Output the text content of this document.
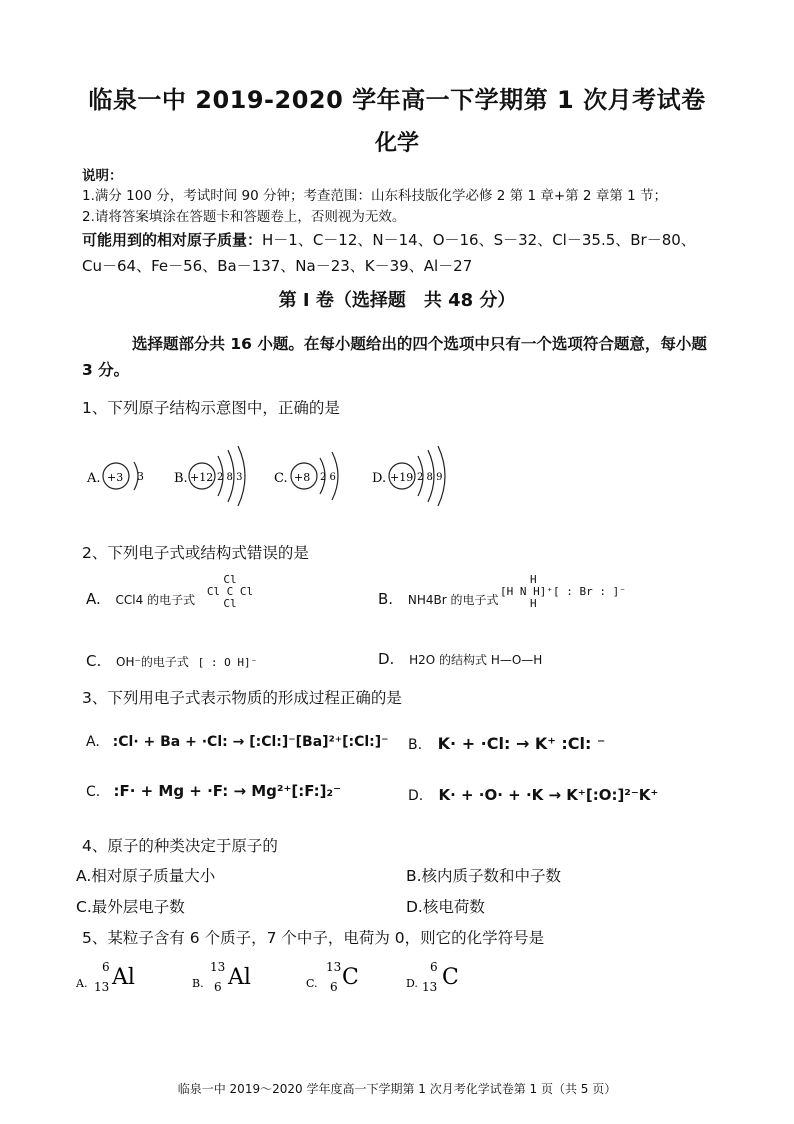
临泉一中 2019-2020 学年高一下学期第 1 次月考试卷
化学
说明：
1.满分 100 分，考试时间 90 分钟；考查范围：山东科技版化学必修 2 第 1 章+第 2 章第 1 节；
2.请将答案填涂在答题卡和答题卷上，否则视为无效。
可能用到的相对原子质量：H－1、C－12、N－14、O－16、S－32、Cl－35.5、Br－80、
Cu－64、Fe－56、Ba－137、Na－23、K－39、Al－27
第 I 卷（选择题　共 48 分）
选择题部分共 16 小题。在每小题给出的四个选项中只有一个选项符合题意，每小题
3 分。
1、下列原子结构示意图中，正确的是
A. +3 3 B. +12 2 8 3 C. +8 2 6	D. +19 2 8 9
2、下列电子式或结构式错误的是
A. CCl4 的电子式
Cl
Cl C Cl
Cl	B. NH4Br 的电子式
H
[H N H]⁺[ : Br : ]⁻
H
C. OH⁻的电子式 [ : O H]⁻	D. H2O 的结构式 H—O—H
3、下列用电子式表示物质的形成过程正确的是
A. :Cl· + Ba + ·Cl: → [:Cl:]⁻[Ba]²⁺[:Cl:]⁻ B. K· + ·Cl: → K⁺ :Cl: ⁻
C. :F· + Mg + ·F: → Mg²⁺[:F:]₂⁻	D. K· + ·O· + ·K → K⁺[:O:]²⁻K⁺
4、原子的种类决定于原子的
A.相对原子质量大小	B.核内质子数和中子数
C.最外层电子数	D.核电荷数
5、某粒子含有 6 个质子，7 个中子，电荷为 0，则它的化学符号是
A.
6
13 Al	B.
13
6 Al	C.
13
6 C	D.
6
13 C
临泉一中 2019～2020 学年度高一下学期第 1 次月考化学试卷第 1 页（共 5 页）
